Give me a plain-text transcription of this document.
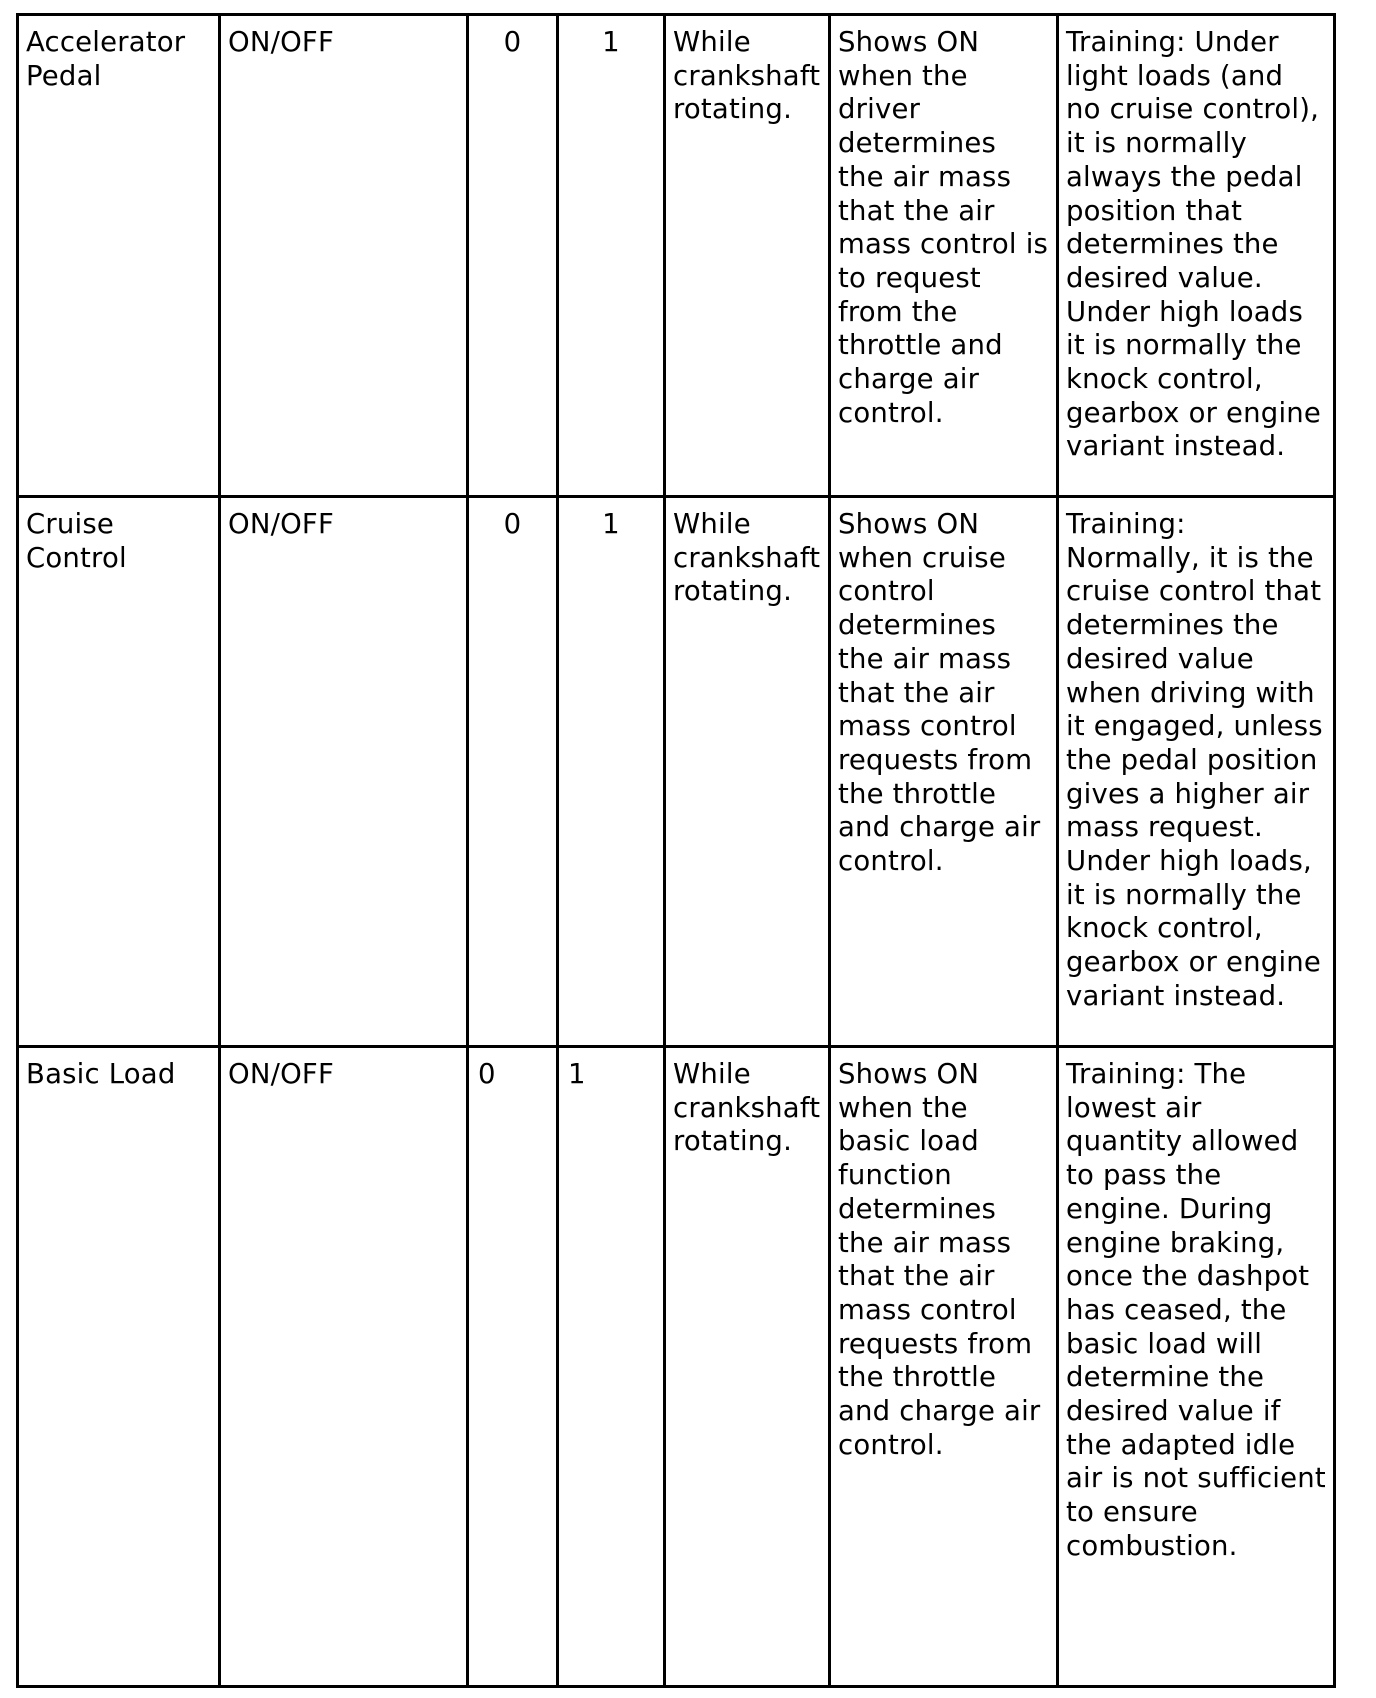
Accelerator Pedal	ON/OFF	0	1	While crankshaft rotating.	Shows ON when the driver determines the air mass that the air mass control is to request from the throttle and charge air control.	Training: Under light loads (and no cruise control), it is normally always the pedal position that determines the desired value. Under high loads it is normally the knock control, gearbox or engine variant instead.
Cruise Control	ON/OFF	0	1	While crankshaft rotating.	Shows ON when cruise control determines the air mass that the air mass control requests from the throttle and charge air control.	Training: Normally, it is the cruise control that determines the desired value when driving with it engaged, unless the pedal position gives a higher air mass request. Under high loads, it is normally the knock control, gearbox or engine variant instead.
Basic Load	ON/OFF	0	1	While crankshaft rotating.	Shows ON when the basic load function determines the air mass that the air mass control requests from the throttle and charge air control.	Training: The lowest air quantity allowed to pass the engine. During engine braking, once the dashpot has ceased, the basic load will determine the desired value if the adapted idle air is not sufficient to ensure combustion.
